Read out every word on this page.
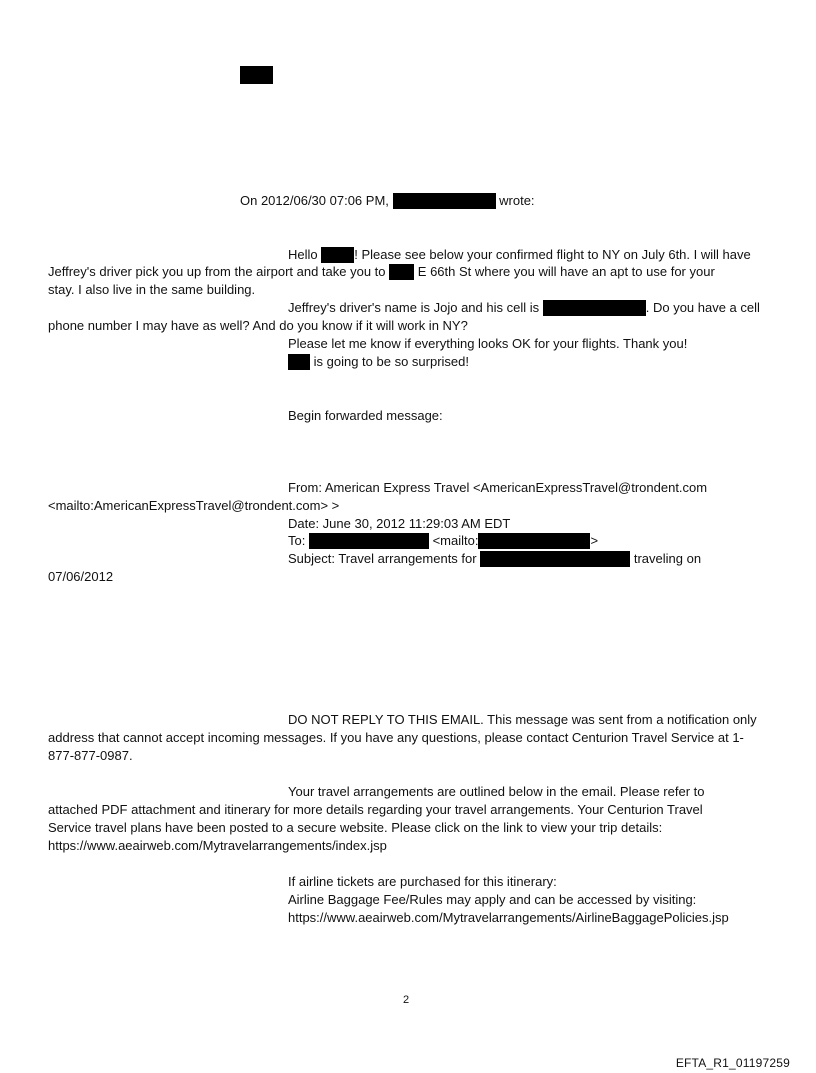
On 2012/06/30 07:06 PM,	wrote:
Hello	! Please see below your confirmed flight to NY on July 6th. I will have
Jeffrey's driver pick you up from the airport and take you to E 66th St where you will have an apt to use for your
stay. I also live in the same building.
Jeffrey's driver's name is Jojo and his cell is	. Do you have a cell
phone number I may have as well? And do you know if it will work in NY?
Please let me know if everything looks OK for your flights. Thank you!
is going to be so surprised!
Begin forwarded message:
From: American Express Travel <AmericanExpressTravel@trondent.com
<mailto:AmericanExpressTravel@trondent.com> >
Date: June 30, 2012 11:29:03 AM EDT
To:	<mailto:	>
Subject: Travel arrangements for	traveling on
07/06/2012
DO NOT REPLY TO THIS EMAIL. This message was sent from a notification only
address that cannot accept incoming messages. If you have any questions, please contact Centurion Travel Service at 1-
877-877-0987.
Your travel arrangements are outlined below in the email. Please refer to
attached PDF attachment and itinerary for more details regarding your travel arrangements. Your Centurion Travel
Service travel plans have been posted to a secure website. Please click on the link to view your trip details:
https://www.aeairweb.com/Mytravelarrangements/index.jsp
If airline tickets are purchased for this itinerary:
Airline Baggage Fee/Rules may apply and can be accessed by visiting:
https://www.aeairweb.com/Mytravelarrangements/AirlineBaggagePolicies.jsp
2
EFTA_R1_01197259
